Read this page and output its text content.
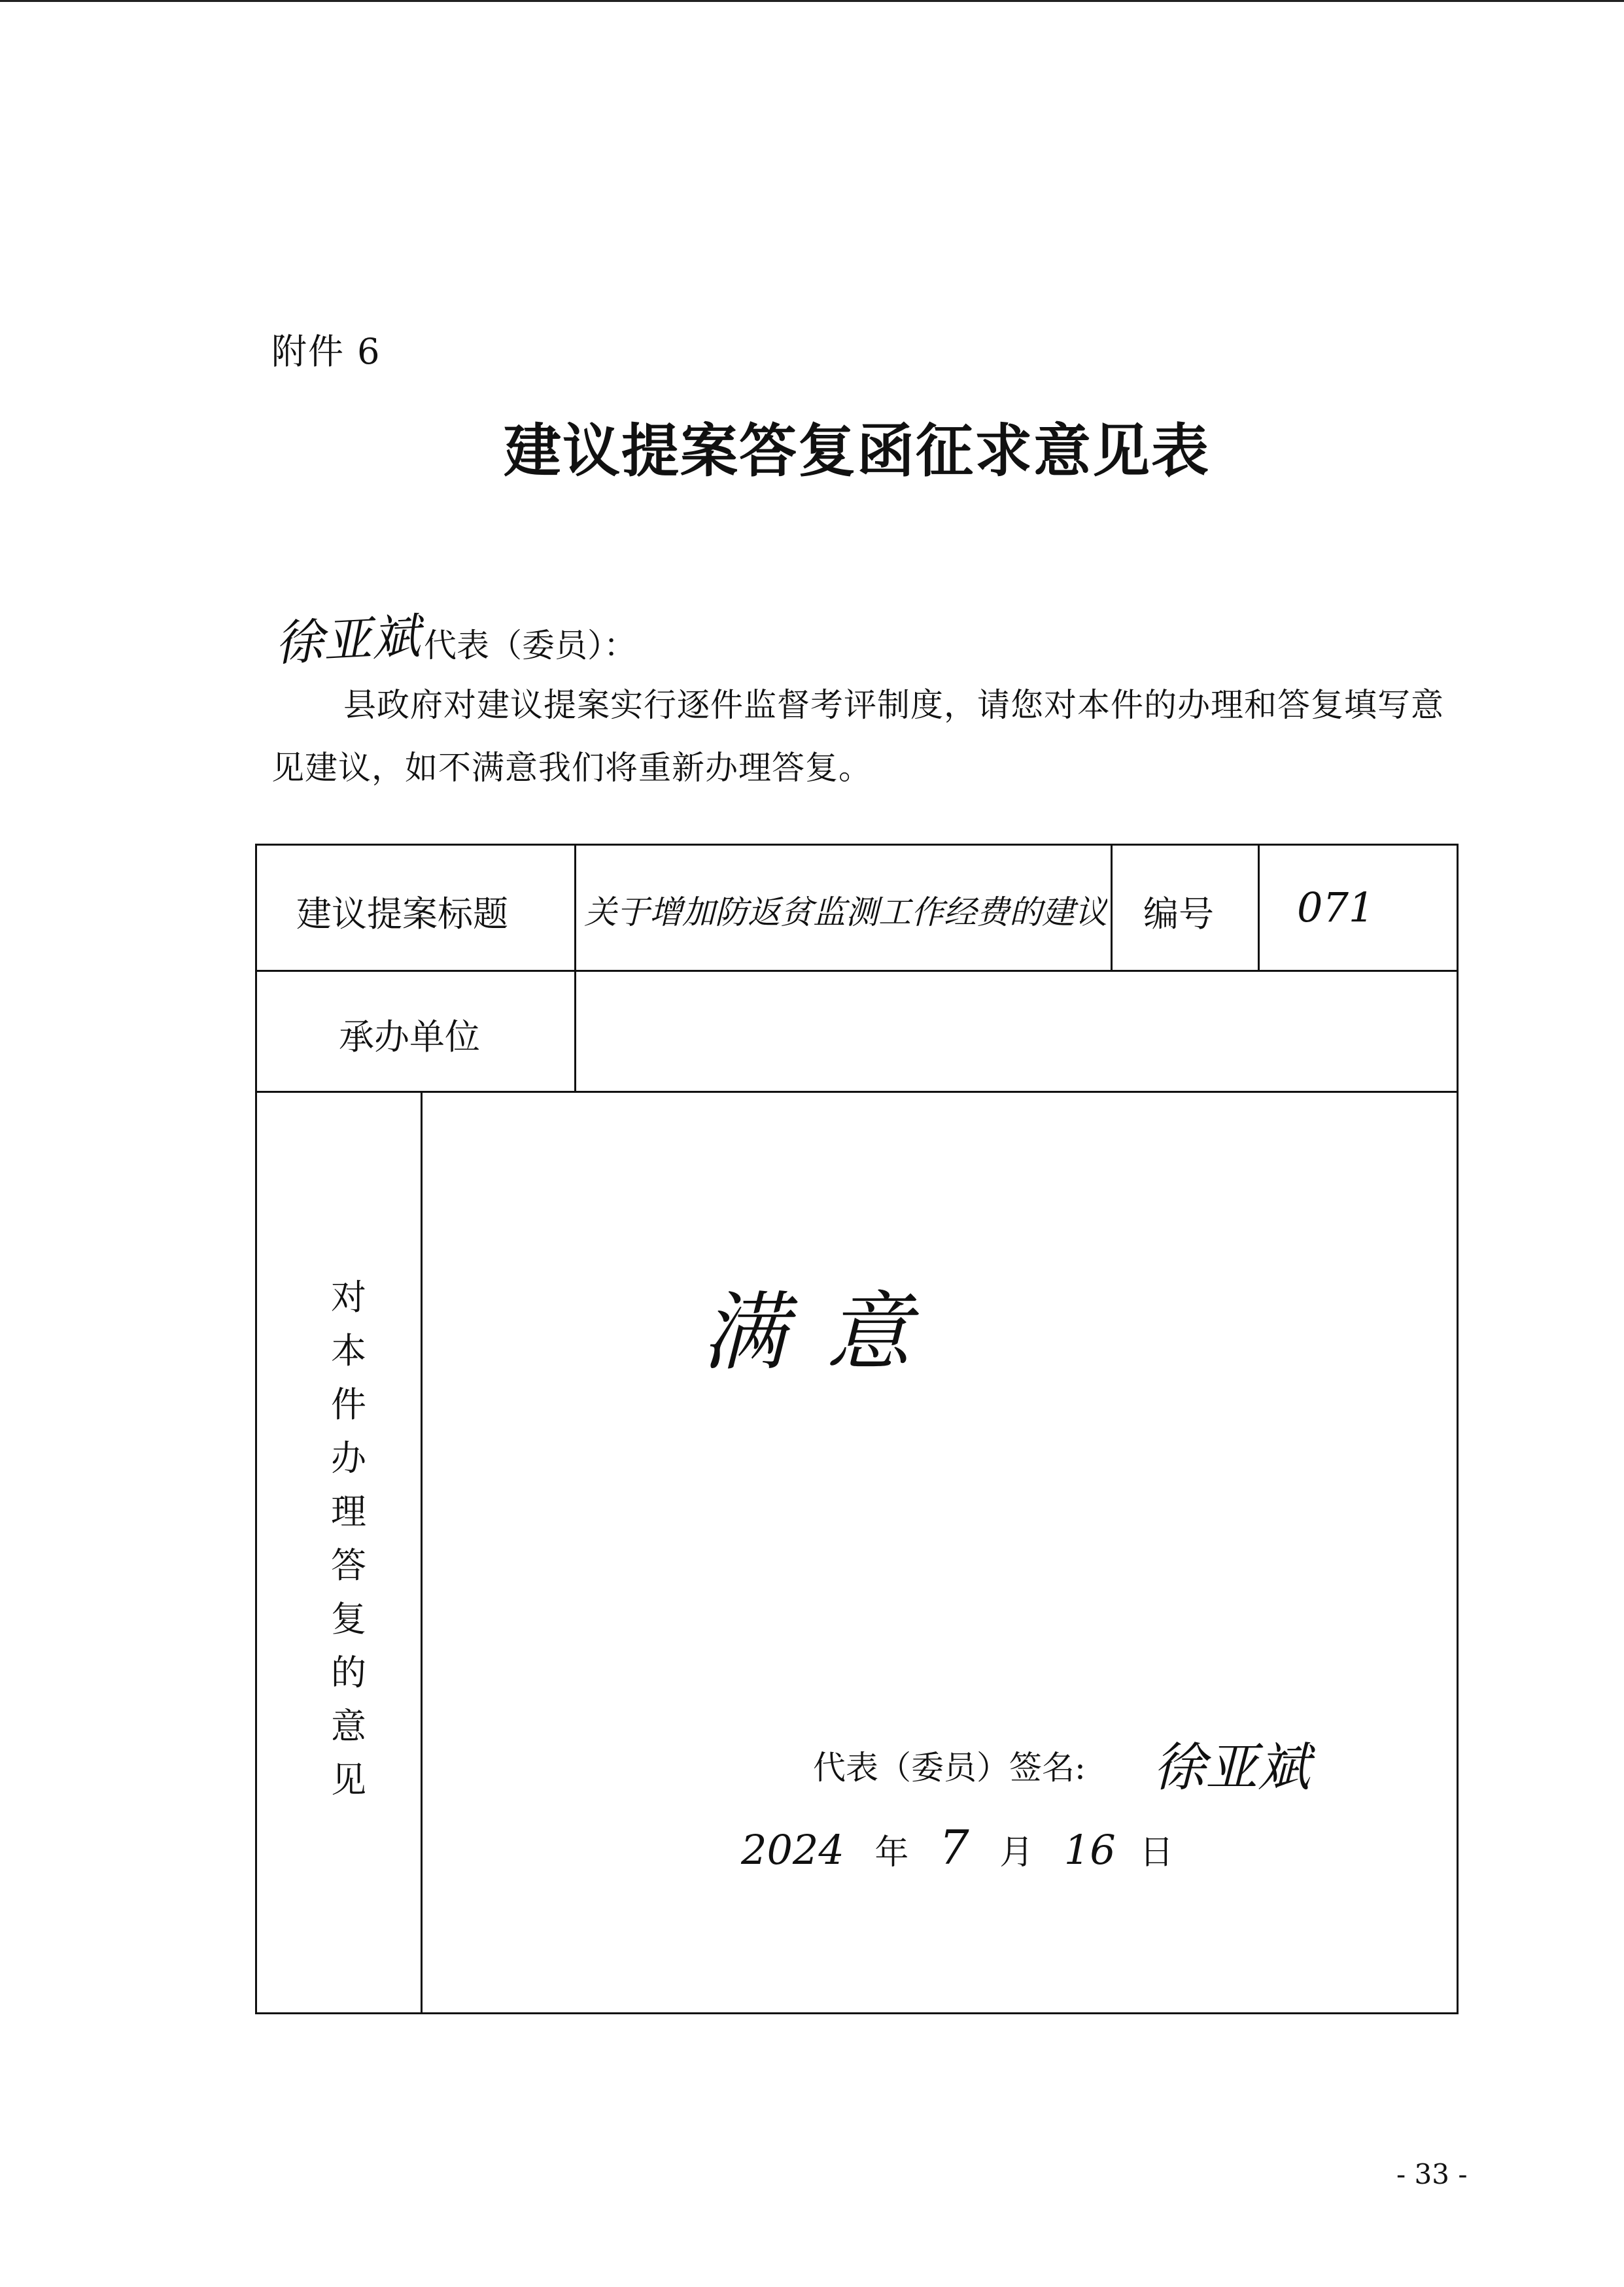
附件 6
建议提案答复函征求意见表
徐亚斌代表（委员）：
县政府对建议提案实行逐件监督考评制度，请您对本件的办理和答复填写意见建议，如不满意我们将重新办理答复。
建议提案标题 关于增加防返贫监测工作经费的建议 编号 071
承办单位
对本件办理答复的意见
满意
代表（委员）签名: 徐亚斌
2024 年 7 月 16 日
- 33 -
